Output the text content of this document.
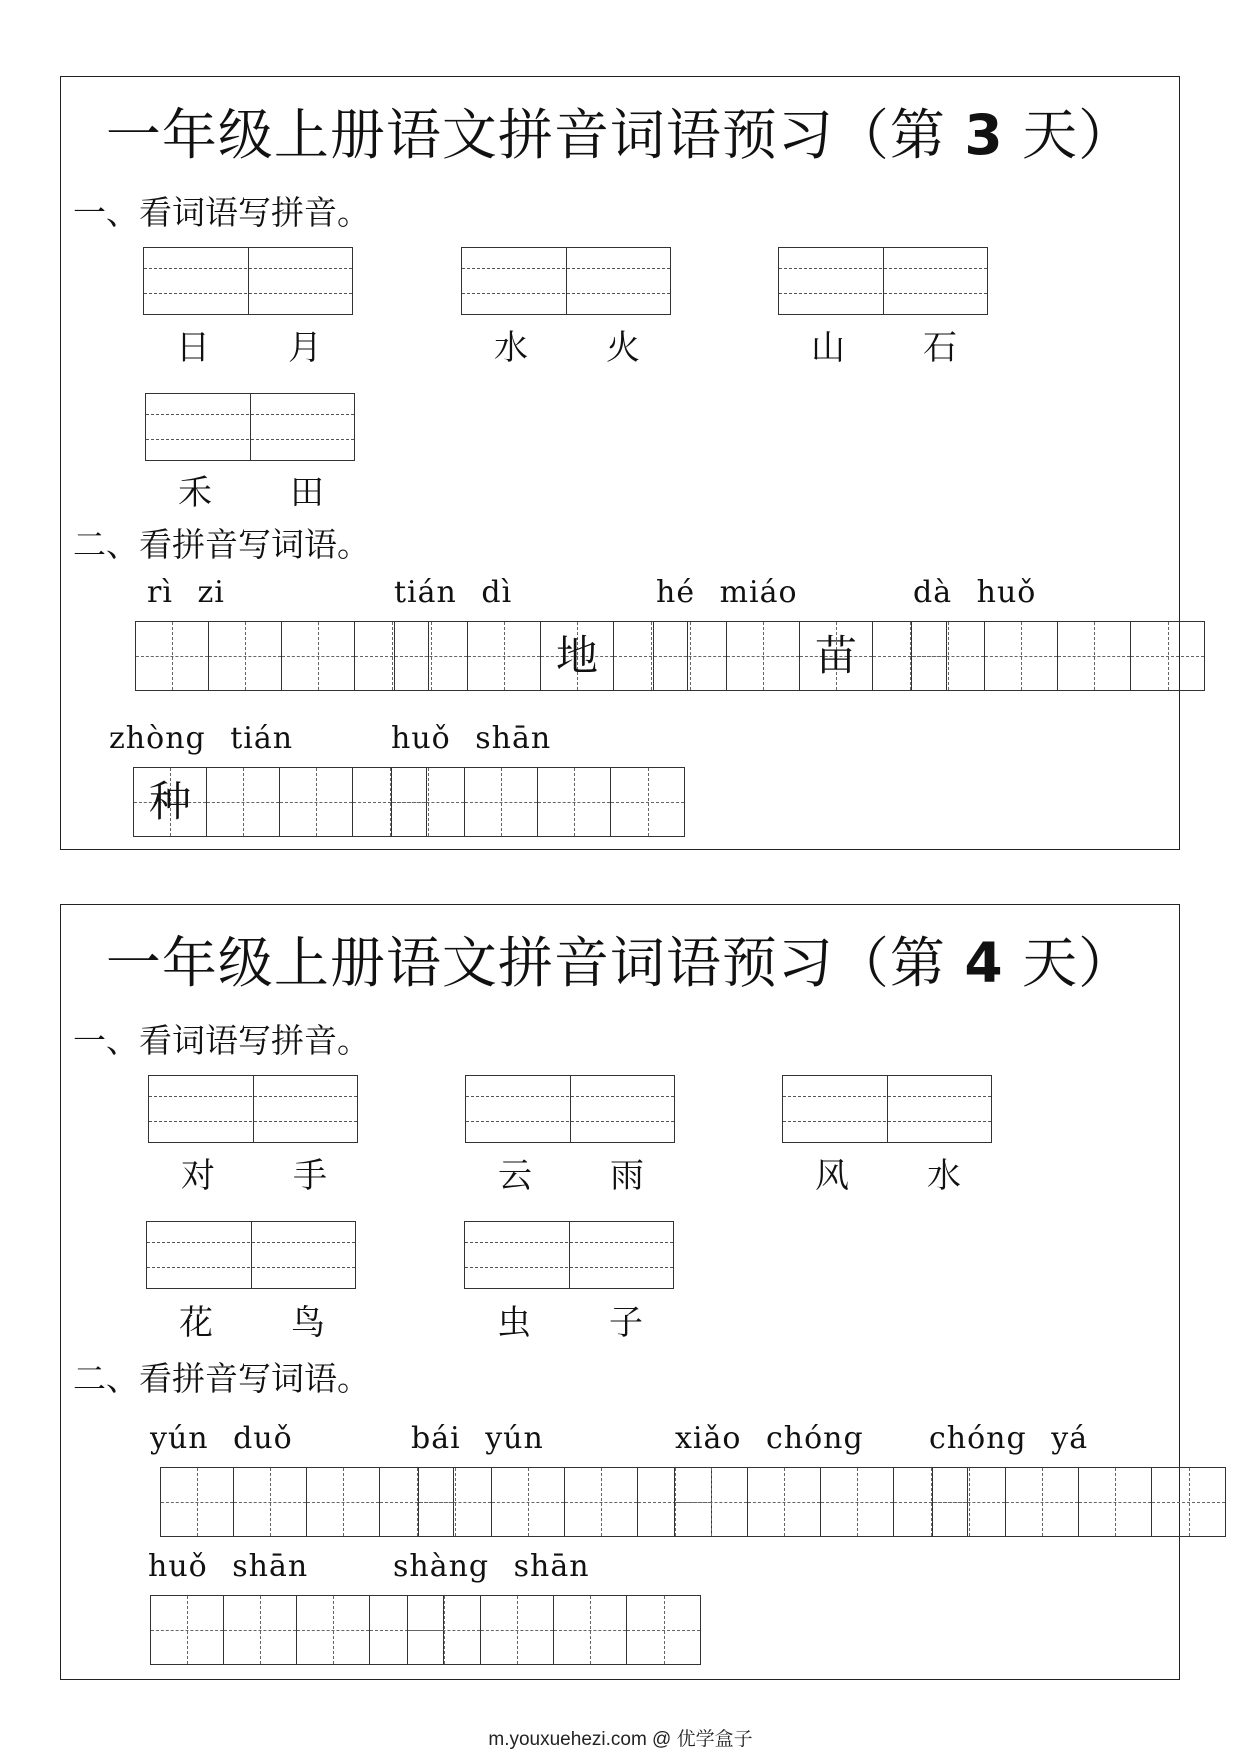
一年级上册语文拼音词语预习（第 3 天）
一、看词语写拼音。
日 月	水 火	山 石
禾 田
二、看拼音写词语。
rì zi	tián dì
地
hé miáo
苗
dà huǒ
zhòng tián
种
huǒ shān
一年级上册语文拼音词语预习（第 4 天）
一、看词语写拼音。
对 手	云 雨	风 水
花 鸟	虫 子
二、看拼音写词语。
yún duǒ	bái yún	xiǎo chóng chóng yá
huǒ shān	shàng shān
m.youxuehezi.com @ 优学盒子
